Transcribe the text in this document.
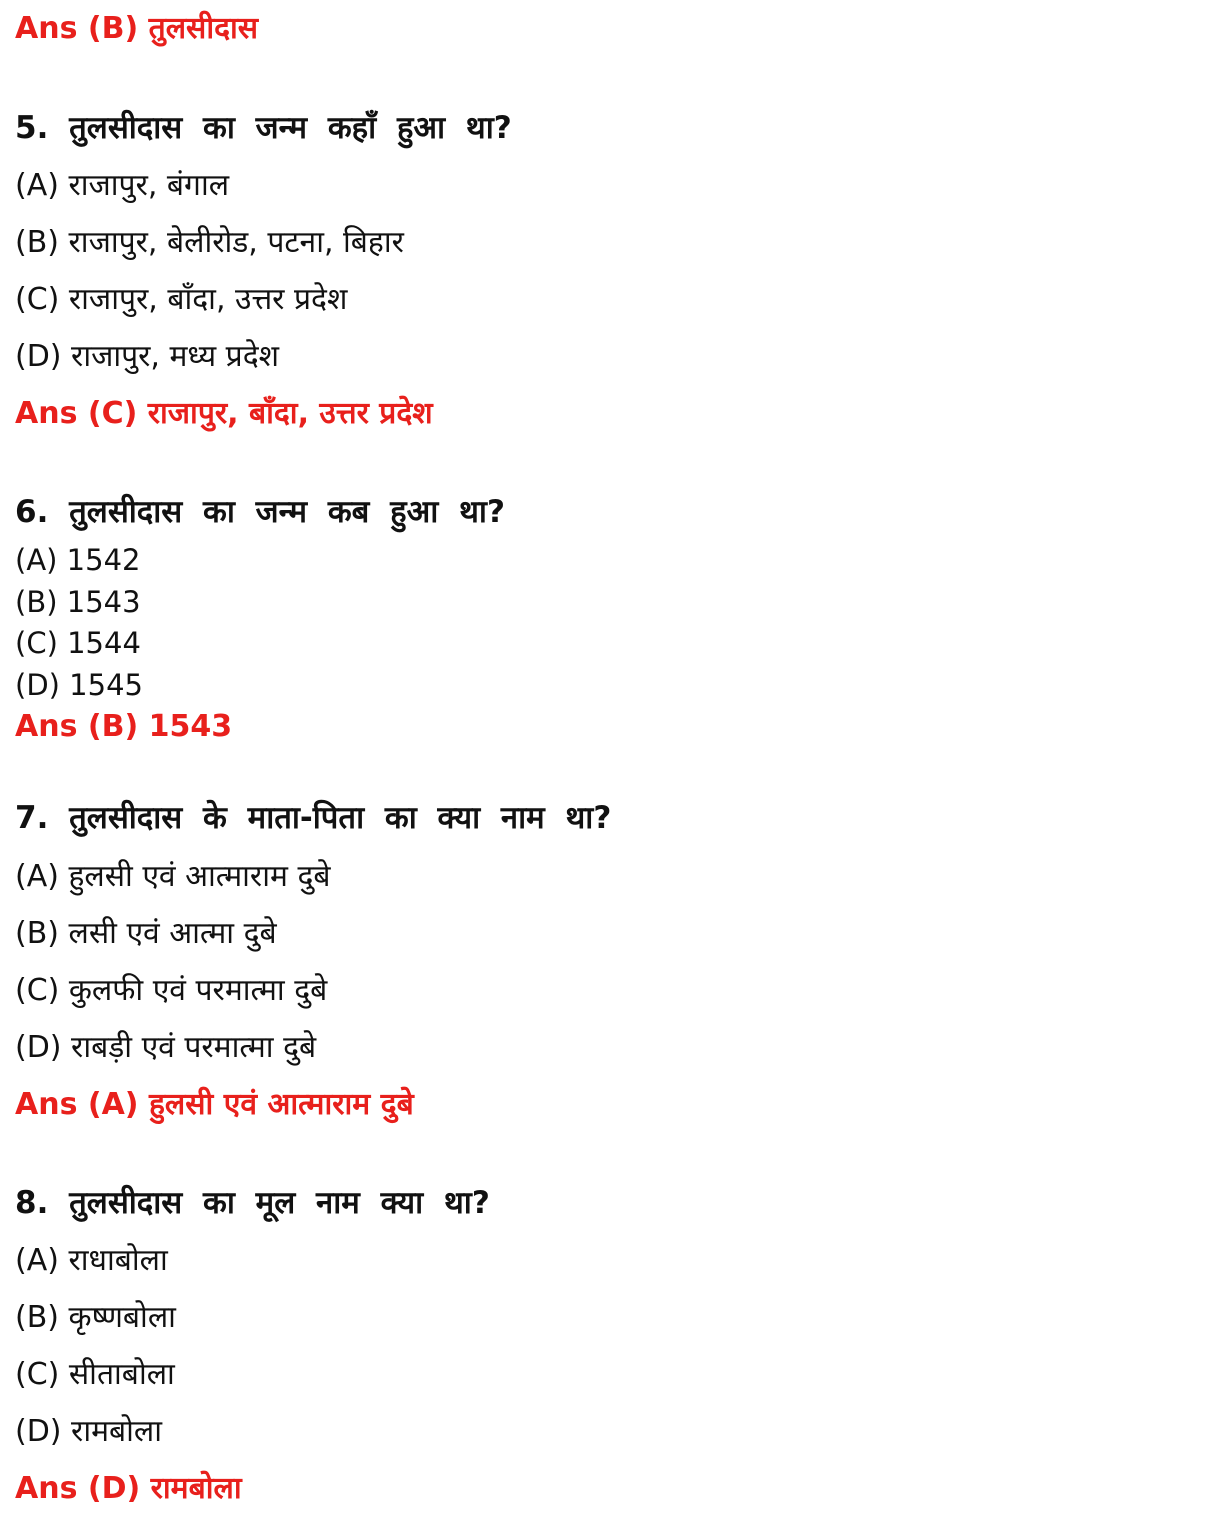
Ans (B) तुलसीदास
5. तुलसीदास का जन्म कहाँ हुआ था?
(A) राजापुर, बंगाल
(B) राजापुर, बेलीरोड, पटना, बिहार
(C) राजापुर, बाँदा, उत्तर प्रदेश
(D) राजापुर, मध्य प्रदेश
Ans (C) राजापुर, बाँदा, उत्तर प्रदेश
6. तुलसीदास का जन्म कब हुआ था?
(A) 1542
(B) 1543
(C) 1544
(D) 1545
Ans (B) 1543
7. तुलसीदास के माता-पिता का क्या नाम था?
(A) हुलसी एवं आत्माराम दुबे
(B) लसी एवं आत्मा दुबे
(C) कुलफी एवं परमात्मा दुबे
(D) राबड़ी एवं परमात्मा दुबे
Ans (A) हुलसी एवं आत्माराम दुबे
8. तुलसीदास का मूल नाम क्या था?
(A) राधाबोला
(B) कृष्णबोला
(C) सीताबोला
(D) रामबोला
Ans (D) रामबोला
